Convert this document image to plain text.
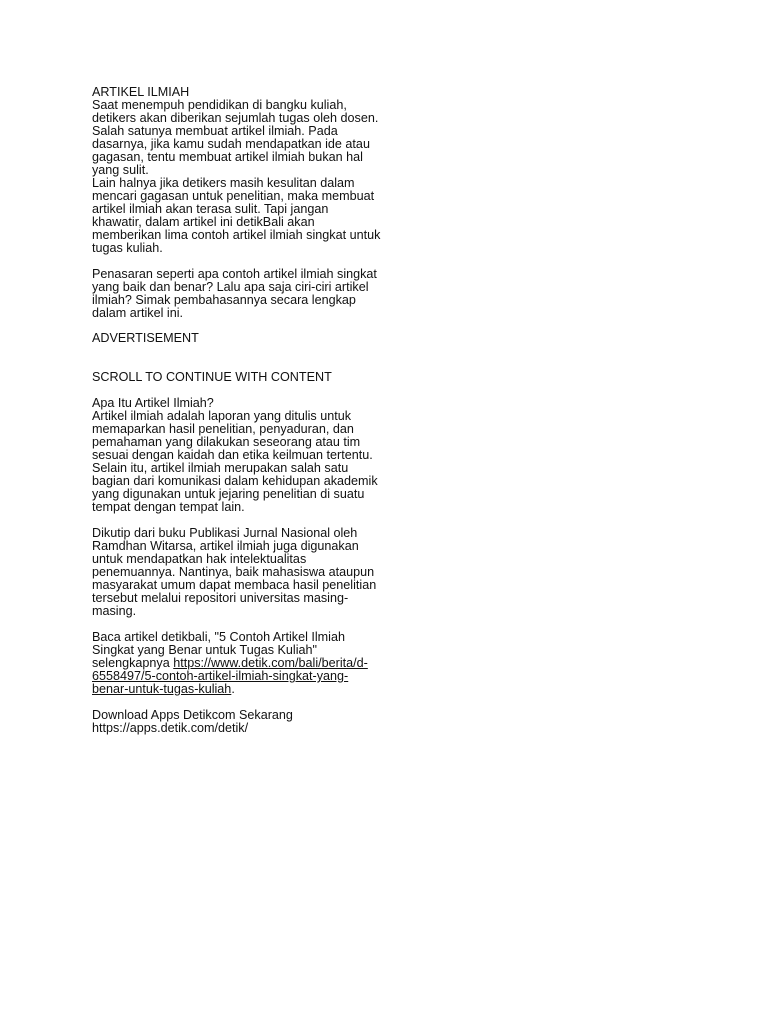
ARTIKEL ILMIAH
Saat menempuh pendidikan di bangku kuliah,
detikers akan diberikan sejumlah tugas oleh dosen.
Salah satunya membuat artikel ilmiah. Pada
dasarnya, jika kamu sudah mendapatkan ide atau
gagasan, tentu membuat artikel ilmiah bukan hal
yang sulit.
Lain halnya jika detikers masih kesulitan dalam
mencari gagasan untuk penelitian, maka membuat
artikel ilmiah akan terasa sulit. Tapi jangan
khawatir, dalam artikel ini detikBali akan
memberikan lima contoh artikel ilmiah singkat untuk
tugas kuliah.
Penasaran seperti apa contoh artikel ilmiah singkat
yang baik dan benar? Lalu apa saja ciri-ciri artikel
ilmiah? Simak pembahasannya secara lengkap
dalam artikel ini.
ADVERTISEMENT
SCROLL TO CONTINUE WITH CONTENT
Apa Itu Artikel Ilmiah?
Artikel ilmiah adalah laporan yang ditulis untuk
memaparkan hasil penelitian, penyaduran, dan
pemahaman yang dilakukan seseorang atau tim
sesuai dengan kaidah dan etika keilmuan tertentu.
Selain itu, artikel ilmiah merupakan salah satu
bagian dari komunikasi dalam kehidupan akademik
yang digunakan untuk jejaring penelitian di suatu
tempat dengan tempat lain.
Dikutip dari buku Publikasi Jurnal Nasional oleh
Ramdhan Witarsa, artikel ilmiah juga digunakan
untuk mendapatkan hak intelektualitas
penemuannya. Nantinya, baik mahasiswa ataupun
masyarakat umum dapat membaca hasil penelitian
tersebut melalui repositori universitas masing-
masing.
Baca artikel detikbali, "5 Contoh Artikel Ilmiah
Singkat yang Benar untuk Tugas Kuliah"
selengkapnya https://www.detik.com/bali/berita/d-
6558497/5-contoh-artikel-ilmiah-singkat-yang-
benar-untuk-tugas-kuliah.
Download Apps Detikcom Sekarang
https://apps.detik.com/detik/
